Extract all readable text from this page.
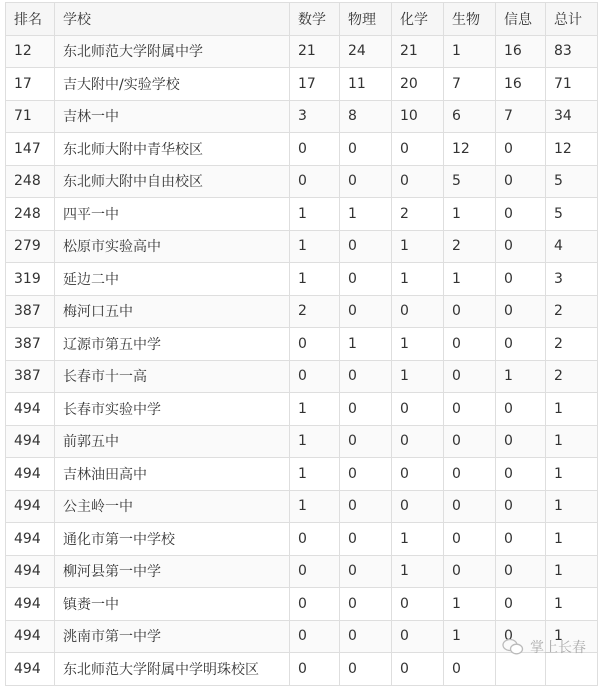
排名	学校	数学	物理	化学	生物	信息	总计
12	东北师范大学附属中学	21	24	21	1	16	83
17	吉大附中/实验学校	17	11	20	7	16	71
71	吉林一中	3	8	10	6	7	34
147	东北师大附中青华校区	0	0	0	12	0	12
248	东北师大附中自由校区	0	0	0	5	0	5
248	四平一中	1	1	2	1	0	5
279	松原市实验高中	1	0	1	2	0	4
319	延边二中	1	0	1	1	0	3
387	梅河口五中	2	0	0	0	0	2
387	辽源市第五中学	0	1	1	0	0	2
387	长春市十一高	0	0	1	0	1	2
494	长春市实验中学	1	0	0	0	0	1
494	前郭五中	1	0	0	0	0	1
494	吉林油田高中	1	0	0	0	0	1
494	公主岭一中	1	0	0	0	0	1
494	通化市第一中学校	0	0	1	0	0	1
494	柳河县第一中学	0	0	1	0	0	1
494	镇赉一中	0	0	0	1	0	1
494	洮南市第一中学	0	0	0	1	0	1
494	东北师范大学附属中学明珠校区	0	0	0	0		
掌上长春
